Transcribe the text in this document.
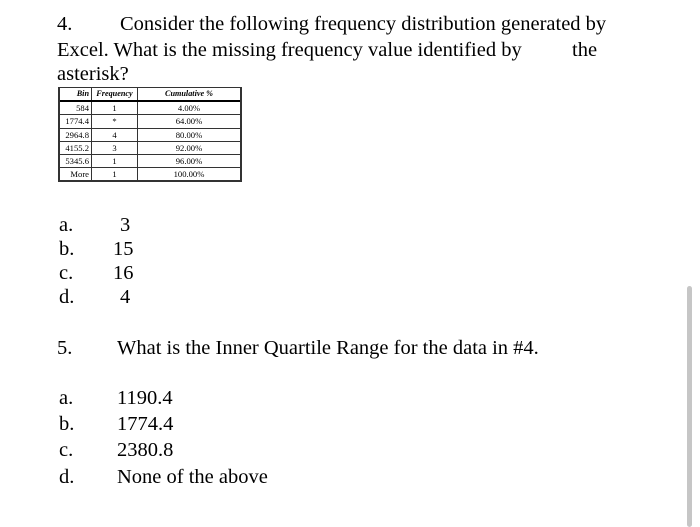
4. Consider the following frequency distribution generated by
Excel. What is the missing frequency value identified by the
asterisk?
Bin	Frequency	Cumulative %
584	1	4.00%
1774.4	*	64.00%
2964.8	4	80.00%
4155.2	3	92.00%
5345.6	1	96.00%
More	1	100.00%
a. 3
b. 15
c. 16
d. 4
5. What is the Inner Quartile Range for the data in #4.
a. 1190.4
b. 1774.4
c. 2380.8
d. None of the above
